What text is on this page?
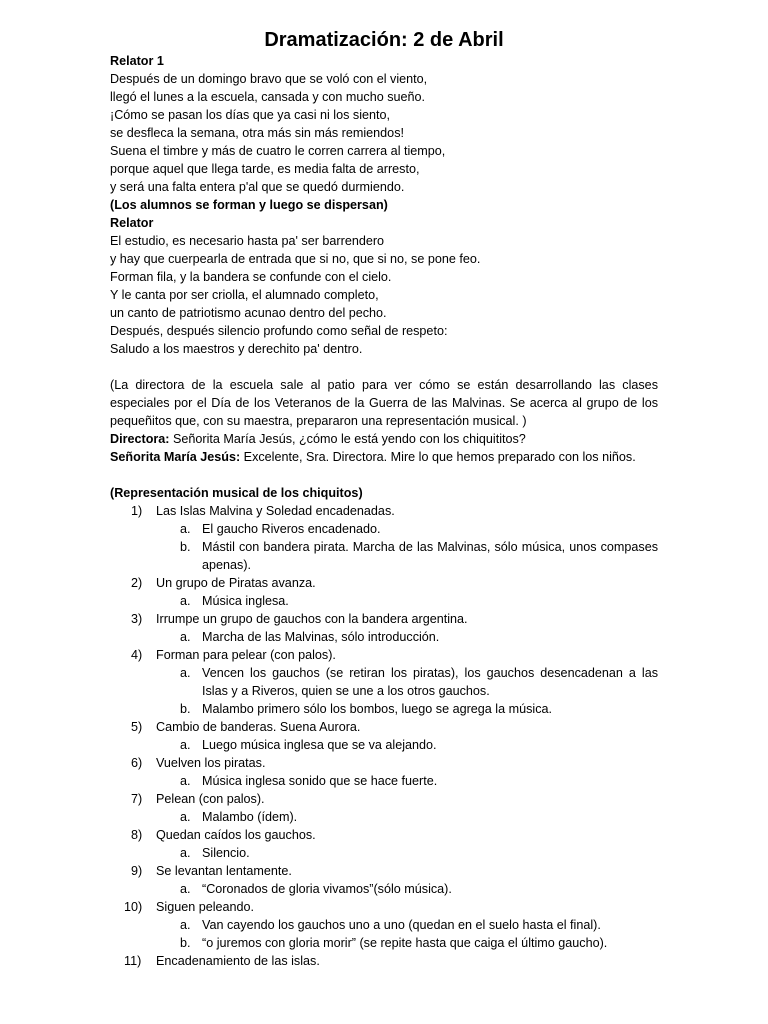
Dramatización: 2 de Abril
Relator 1
Después de un domingo bravo que se voló con el viento,
llegó el lunes a la escuela, cansada y con mucho sueño.
¡Cómo se pasan los días que ya casi ni los siento,
se desfleca la semana, otra más sin más remiendos!
Suena el timbre y más de cuatro le corren carrera al tiempo,
porque aquel que llega tarde, es media falta de arresto,
y será una falta entera p'al que se quedó durmiendo.
(Los alumnos se forman y luego se dispersan)
Relator
El estudio, es necesario hasta pa' ser barrendero
y hay que cuerpearla de entrada que si no, que si no, se pone feo.
Forman fila, y la bandera se confunde con el cielo.
Y le canta por ser criolla, el alumnado completo,
un canto de patriotismo acunao dentro del pecho.
Después, después silencio profundo como señal de respeto:
Saludo a los maestros y derechito pa' dentro.
(La directora de la escuela sale al patio para ver cómo se están desarrollando las clases especiales por el Día de los Veteranos de la Guerra de las Malvinas. Se acerca al grupo de los pequeñitos que, con su maestra, prepararon una representación musical. )
Directora: Señorita María Jesús, ¿cómo le está yendo con los chiquititos?
Señorita María Jesús: Excelente, Sra. Directora. Mire lo que hemos preparado con los niños.
(Representación musical de los chiquitos)
1) Las Islas Malvina y Soledad encadenadas.
a. El gaucho Riveros encadenado.
b. Mástil con bandera pirata. Marcha de las Malvinas, sólo música, unos compases apenas).
2) Un grupo de Piratas avanza.
a. Música inglesa.
3) Irrumpe un grupo de gauchos con la bandera argentina.
a. Marcha de las Malvinas, sólo introducción.
4) Forman para pelear (con palos).
a. Vencen los gauchos (se retiran los piratas), los gauchos desencadenan a las Islas y a Riveros, quien se une a los otros gauchos.
b. Malambo primero sólo los bombos, luego se agrega la música.
5) Cambio de banderas. Suena Aurora.
a. Luego música inglesa que se va alejando.
6) Vuelven los piratas.
a. Música inglesa sonido que se hace fuerte.
7) Pelean (con palos).
a. Malambo (ídem).
8) Quedan caídos los gauchos.
a. Silencio.
9) Se levantan lentamente.
a. “Coronados de gloria vivamos”(sólo música).
10) Siguen peleando.
a. Van cayendo los gauchos uno a uno (quedan en el suelo hasta el final).
b. “o juremos con gloria morir” (se repite hasta que caiga el último gaucho).
11) Encadenamiento de las islas.
